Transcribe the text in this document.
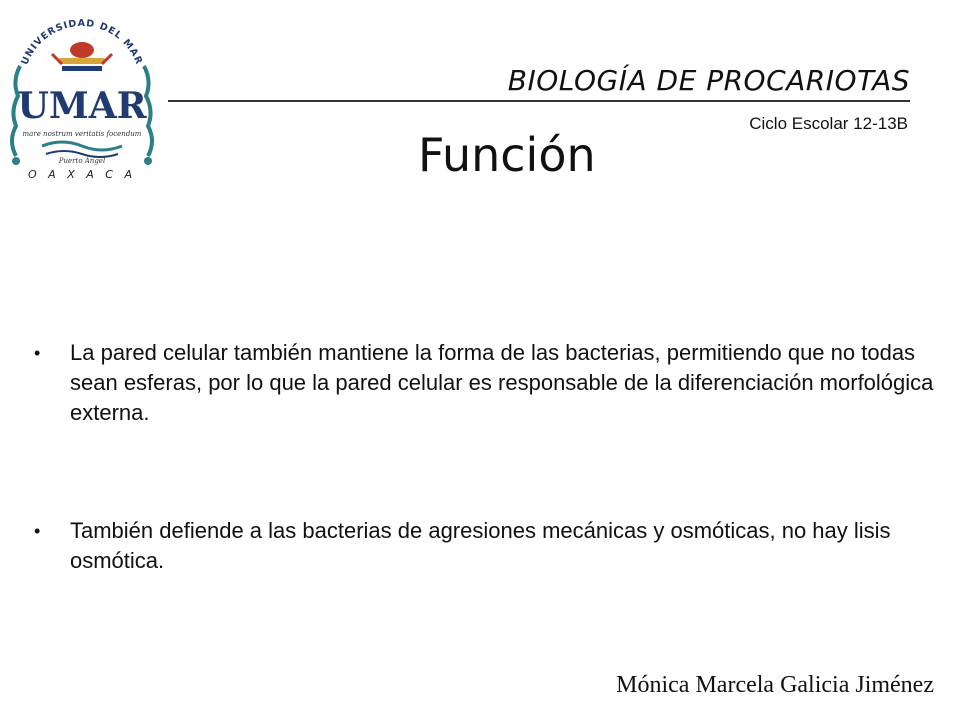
UNIVERSIDAD DEL MAR
UMAR
mare nostrum veritatis focendum
Puerto Ángel
O A X A C A
BIOLOGÍA DE PROCARIOTAS
Ciclo Escolar 12-13B
Función
• La pared celular también mantiene la forma de las bacterias, permitiendo que no todas sean esferas, por lo que la pared celular es responsable de la diferenciación morfológica externa.
• También defiende a las bacterias de agresiones mecánicas y osmóticas, no hay lisis osmótica.
Mónica Marcela Galicia Jiménez
